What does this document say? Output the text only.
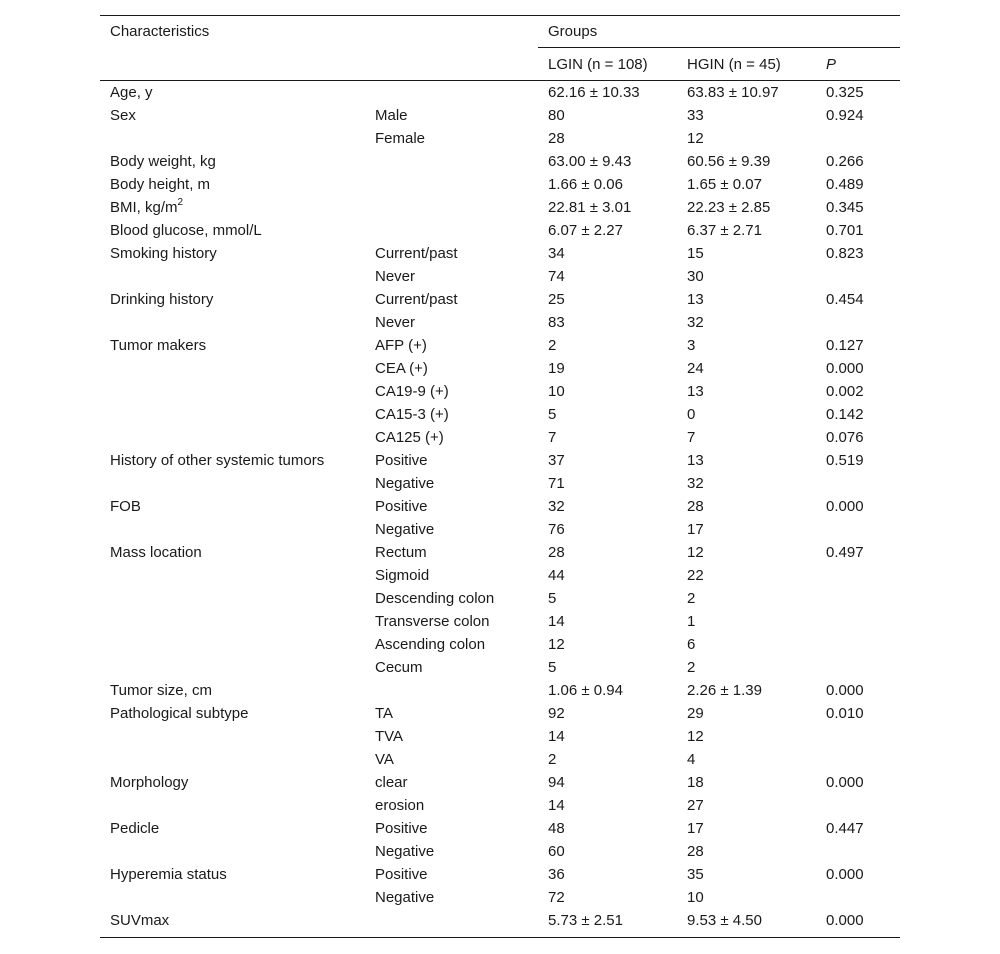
Characteristics	Groups
LGIN (n = 108)	HGIN (n = 45)	P
Age, y	62.16 ± 10.33	63.83 ± 10.97	0.325
Sex	Male	80	33	0.924
Female	28	12
Body weight, kg	63.00 ± 9.43	60.56 ± 9.39	0.266
Body height, m	1.66 ± 0.06	1.65 ± 0.07	0.489
BMI, $kg/m^2$	22.81 ± 3.01	22.23 ± 2.85	0.345
Blood glucose, mmol/L	6.07 ± 2.27	6.37 ± 2.71	0.701
Smoking history	Current/past	34	15	0.823
Never	74	30
Drinking history	Current/past	25	13	0.454
Never	83	32
Tumor makers	AFP (+)	2	3	0.127
CEA (+)	19	24	0.000
CA19-9 (+)	10	13	0.002
CA15-3 (+)	5	0	0.142
CA125 (+)	7	7	0.076
History of other systemic tumors	Positive	37	13	0.519
Negative	71	32
FOB	Positive	32	28	0.000
Negative	76	17
Mass location	Rectum	28	12	0.497
Sigmoid	44	22
Descending colon	5	2
Transverse colon	14	1
Ascending colon	12	6
Cecum	5	2
Tumor size, cm	1.06 ± 0.94	2.26 ± 1.39	0.000
Pathological subtype	TA	92	29	0.010
TVA	14	12
VA	2	4
Morphology	clear	94	18	0.000
erosion	14	27
Pedicle	Positive	48	17	0.447
Negative	60	28
Hyperemia status	Positive	36	35	0.000
Negative	72	10
SUVmax	5.73 ± 2.51	9.53 ± 4.50	0.000
